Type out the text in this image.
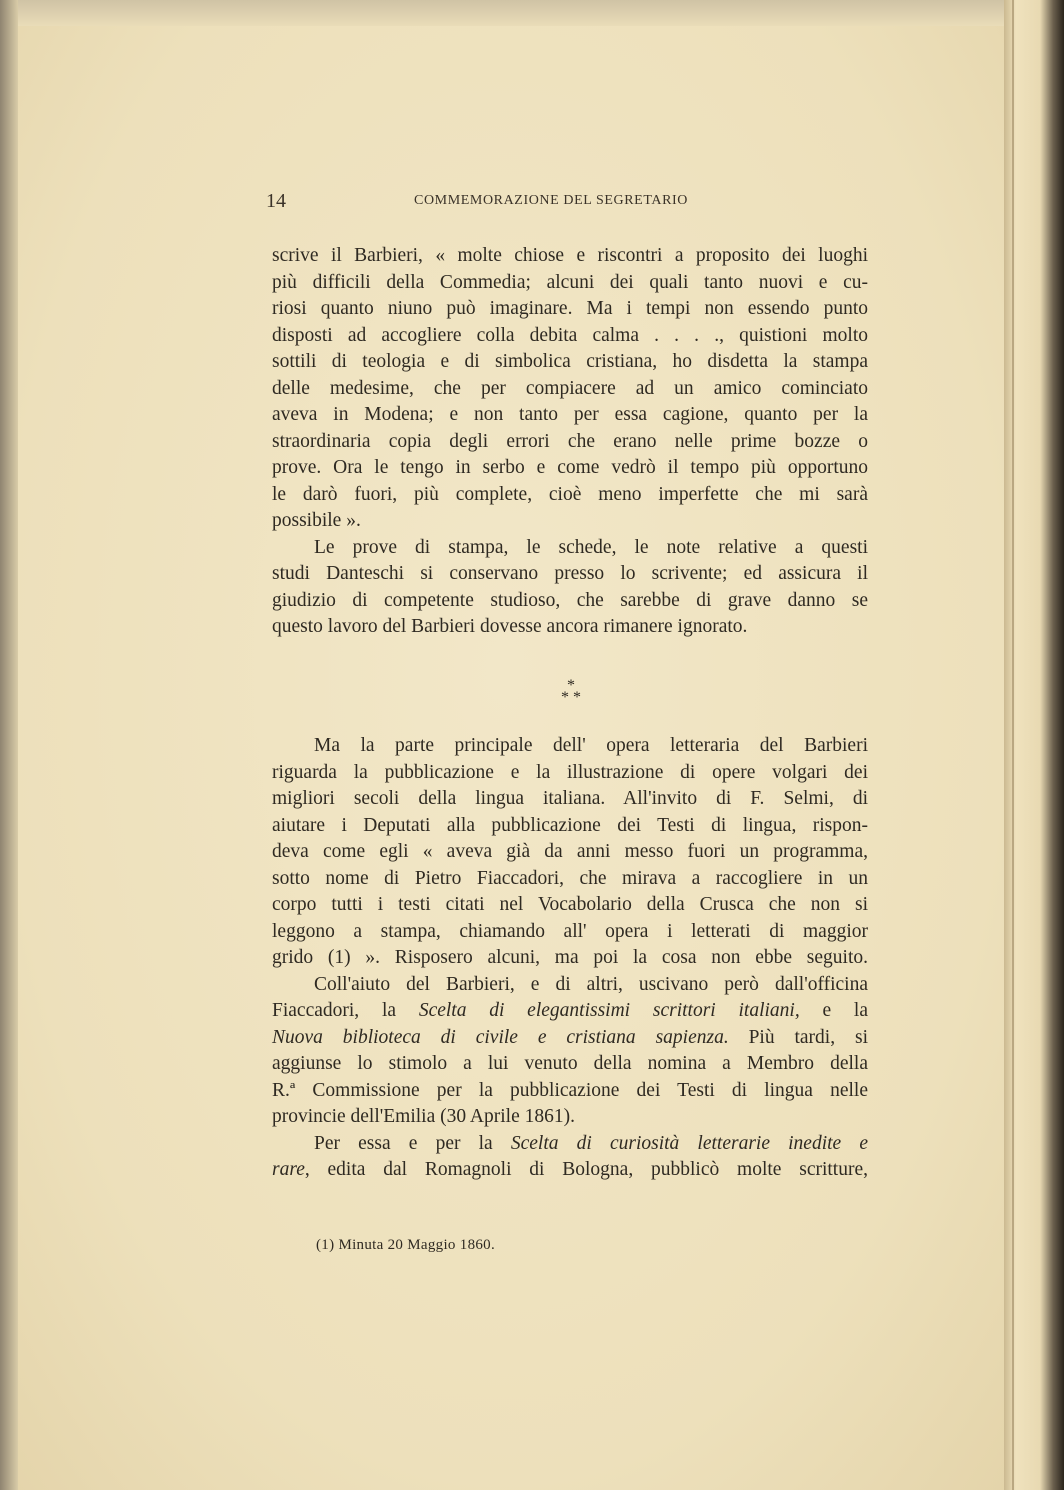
14	COMMEMORAZIONE DEL SEGRETARIO
scrive il Barbieri, « molte chiose e riscontri a proposito dei luoghi
più difficili della Commedia; alcuni dei quali tanto nuovi e cu-
riosi quanto niuno può imaginare. Ma i tempi non essendo punto
disposti ad accogliere colla debita calma . . . ., quistioni molto
sottili di teologia e di simbolica cristiana, ho disdetta la stampa
delle medesime, che per compiacere ad un amico cominciato
aveva in Modena; e non tanto per essa cagione, quanto per la
straordinaria copia degli errori che erano nelle prime bozze o
prove. Ora le tengo in serbo e come vedrò il tempo più opportuno
le darò fuori, più complete, cioè meno imperfette che mi sarà
possibile ».
Le prove di stampa, le schede, le note relative a questi
studi Danteschi si conservano presso lo scrivente; ed assicura il
giudizio di competente studioso, che sarebbe di grave danno se
questo lavoro del Barbieri dovesse ancora rimanere ignorato.
Ma la parte principale dell' opera letteraria del Barbieri
riguarda la pubblicazione e la illustrazione di opere volgari dei
migliori secoli della lingua italiana. All'invito di F. Selmi, di
aiutare i Deputati alla pubblicazione dei Testi di lingua, rispon-
deva come egli « aveva già da anni messo fuori un programma,
sotto nome di Pietro Fiaccadori, che mirava a raccogliere in un
corpo tutti i testi citati nel Vocabolario della Crusca che non si
leggono a stampa, chiamando all' opera i letterati di maggior
grido (1) ». Risposero alcuni, ma poi la cosa non ebbe seguito.
Coll'aiuto del Barbieri, e di altri, uscivano però dall'officina
Fiaccadori, la Scelta di elegantissimi scrittori italiani, e la
Nuova biblioteca di civile e cristiana sapienza. Più tardi, si
aggiunse lo stimolo a lui venuto della nomina a Membro della
R.ª Commissione per la pubblicazione dei Testi di lingua nelle
provincie dell'Emilia (30 Aprile 1861).
Per essa e per la Scelta di curiosità letterarie inedite e
rare, edita dal Romagnoli di Bologna, pubblicò molte scritture,
*
* *
(1) Minuta 20 Maggio 1860.
